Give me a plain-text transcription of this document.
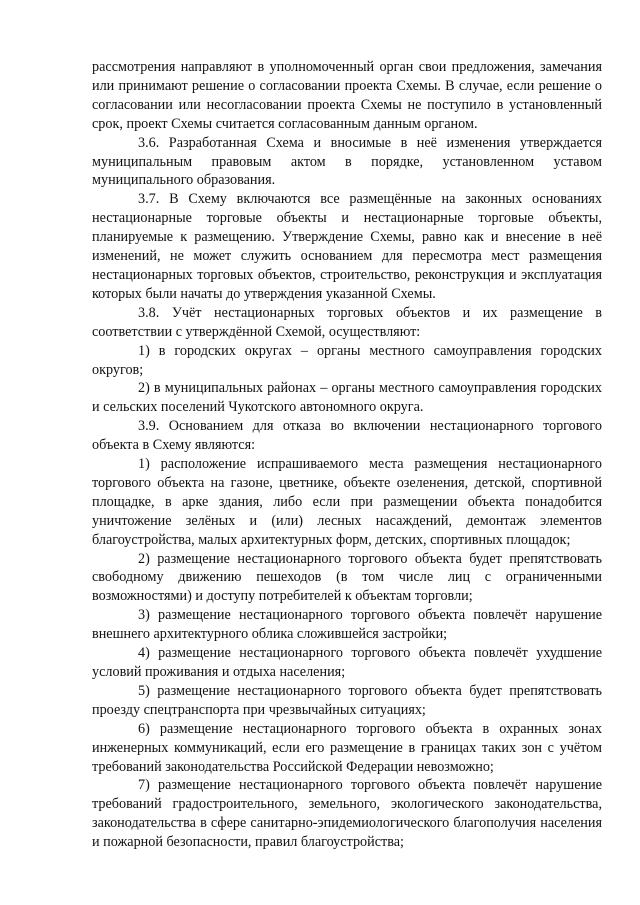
рассмотрения направляют в уполномоченный орган свои предложения, замечания или принимают решение о согласовании проекта Схемы. В случае, если решение о согласовании или несогласовании проекта Схемы не поступило в установленный срок, проект Схемы считается согласованным данным органом.

3.6. Разработанная Схема и вносимые в неё изменения утверждается муниципальным правовым актом в порядке, установленном уставом муниципального образования.

3.7. В Схему включаются все размещённые на законных основаниях нестационарные торговые объекты и нестационарные торговые объекты, планируемые к размещению. Утверждение Схемы, равно как и внесение в неё изменений, не может служить основанием для пересмотра мест размещения нестационарных торговых объектов, строительство, реконструкция и эксплуатация которых были начаты до утверждения указанной Схемы.

3.8. Учёт нестационарных торговых объектов и их размещение в соответствии с утверждённой Схемой, осуществляют:

1) в городских округах – органы местного самоуправления городских округов;

2) в муниципальных районах – органы местного самоуправления городских и сельских поселений Чукотского автономного округа.

3.9. Основанием для отказа во включении нестационарного торгового объекта в Схему являются:

1) расположение испрашиваемого места размещения нестационарного торгового объекта на газоне, цветнике, объекте озеленения, детской, спортивной площадке, в арке здания, либо если при размещении объекта понадобится уничтожение зелёных и (или) лесных насаждений, демонтаж элементов благоустройства, малых архитектурных форм, детских, спортивных площадок;

2) размещение нестационарного торгового объекта будет препятствовать свободному движению пешеходов (в том числе лиц с ограниченными возможностями) и доступу потребителей к объектам торговли;

3) размещение нестационарного торгового объекта повлечёт нарушение внешнего архитектурного облика сложившейся застройки;

4) размещение нестационарного торгового объекта повлечёт ухудшение условий проживания и отдыха населения;

5) размещение нестационарного торгового объекта будет препятствовать проезду спецтранспорта при чрезвычайных ситуациях;

6) размещение нестационарного торгового объекта в охранных зонах инженерных коммуникаций, если его размещение в границах таких зон с учётом требований законодательства Российской Федерации невозможно;

7) размещение нестационарного торгового объекта повлечёт нарушение требований градостроительного, земельного, экологического законодательства, законодательства в сфере санитарно-эпидемиологического благополучия населения и пожарной безопасности, правил благоустройства;
